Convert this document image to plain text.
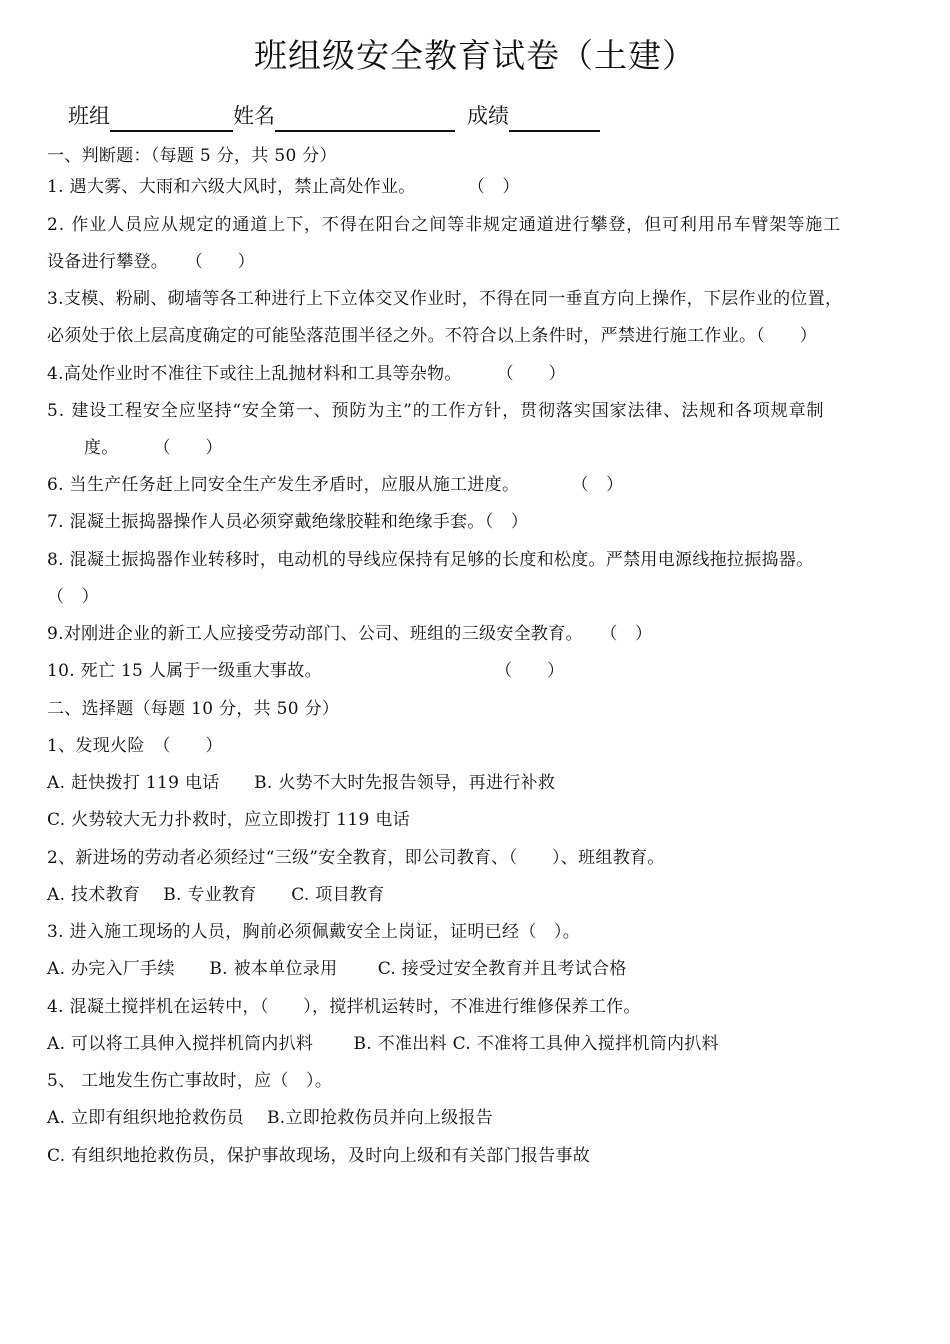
班组级安全教育试卷（土建）
班组	姓名	成绩
一、判断题：（每题 5 分，共 50 分）
1. 遇大雾、大雨和六级大风时，禁止高处作业。　　　　（　）
2. 作业人员应从规定的通道上下，不得在阳台之间等非规定通道进行攀登，但可利用吊车臂架等施工
设备进行攀登。　　（　　）
3.支模、粉刷、砌墙等各工种进行上下立体交叉作业时，不得在同一垂直方向上操作，下层作业的位置，
必须处于依上层高度确定的可能坠落范围半径之外。不符合以上条件时，严禁进行施工作业。（　　）
4.高处作业时不准往下或往上乱抛材料和工具等杂物。　　　（　　）
5. 建设工程安全应坚持“安全第一、预防为主”的工作方针，贯彻落实国家法律、法规和各项规章制
度。　　　（　　）
6. 当生产任务赶上同安全生产发生矛盾时，应服从施工进度。　　　　（　）
7. 混凝土振捣器操作人员必须穿戴绝缘胶鞋和绝缘手套。（　）
8. 混凝土振捣器作业转移时，电动机的导线应保持有足够的长度和松度。严禁用电源线拖拉振捣器。
（　）
9.对刚进企业的新工人应接受劳动部门、公司、班组的三级安全教育。　　（　）
10. 死亡 15 人属于一级重大事故。　　　　　　　　　　　（　　）
二、选择题（每题 10 分，共 50 分）
1、发现火险　（　　）
A. 赶快拨打 119 电话　　B. 火势不大时先报告领导，再进行补救
C. 火势较大无力扑救时，应立即拨打 119 电话
2、新进场的劳动者必须经过“三级”安全教育，即公司教育、（　　）、班组教育。
A. 技术教育　 B. 专业教育　　C. 项目教育
3. 进入施工现场的人员，胸前必须佩戴安全上岗证，证明已经（　）。
A. 办完入厂手续　　B. 被本单位录用　　 C. 接受过安全教育并且考试合格
4. 混凝土搅拌机在运转中，（　　），搅拌机运转时，不准进行维修保养工作。
A. 可以将工具伸入搅拌机筒内扒料　　 B. 不准出料 C. 不准将工具伸入搅拌机筒内扒料
5、 工地发生伤亡事故时，应（　）。
A. 立即有组织地抢救伤员　 B.立即抢救伤员并向上级报告
C. 有组织地抢救伤员，保护事故现场，及时向上级和有关部门报告事故
